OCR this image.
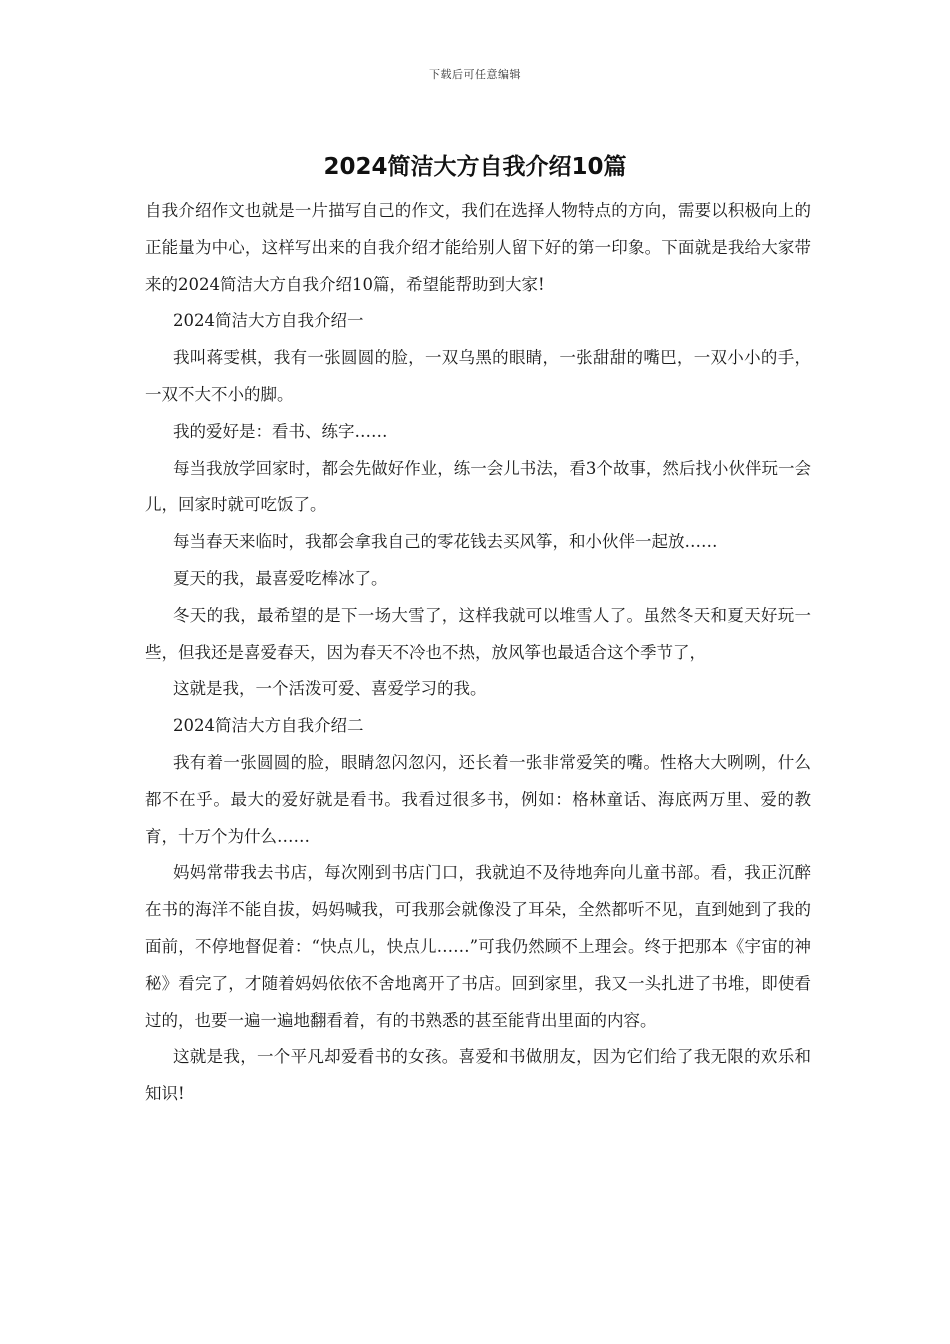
下载后可任意编辑
2024简洁大方自我介绍10篇

自我介绍作文也就是一片描写自己的作文，我们在选择人物特点的方向，需要以积极向上的正能量为中心，这样写出来的自我介绍才能给别人留下好的第一印象。下面就是我给大家带来的2024简洁大方自我介绍10篇，希望能帮助到大家!

2024简洁大方自我介绍一

我叫蒋雯棋，我有一张圆圆的脸，一双乌黑的眼睛，一张甜甜的嘴巴，一双小小的手，一双不大不小的脚。

我的爱好是：看书、练字……

每当我放学回家时，都会先做好作业，练一会儿书法，看3个故事，然后找小伙伴玩一会儿，回家时就可吃饭了。

每当春天来临时，我都会拿我自己的零花钱去买风筝，和小伙伴一起放……

夏天的我，最喜爱吃棒冰了。

冬天的我，最希望的是下一场大雪了，这样我就可以堆雪人了。虽然冬天和夏天好玩一些，但我还是喜爱春天，因为春天不冷也不热，放风筝也最适合这个季节了，

这就是我，一个活泼可爱、喜爱学习的我。

2024简洁大方自我介绍二

我有着一张圆圆的脸，眼睛忽闪忽闪，还长着一张非常爱笑的嘴。性格大大咧咧，什么都不在乎。最大的爱好就是看书。我看过很多书，例如：格林童话、海底两万里、爱的教育，十万个为什么……

妈妈常带我去书店，每次刚到书店门口，我就迫不及待地奔向儿童书部。看，我正沉醉在书的海洋不能自拔，妈妈喊我，可我那会就像没了耳朵，全然都听不见，直到她到了我的面前，不停地督促着：“快点儿，快点儿……”可我仍然顾不上理会。终于把那本《宇宙的神秘》看完了，才随着妈妈依依不舍地离开了书店。回到家里，我又一头扎进了书堆，即使看过的，也要一遍一遍地翻看着，有的书熟悉的甚至能背出里面的内容。

这就是我，一个平凡却爱看书的女孩。喜爱和书做朋友，因为它们给了我无限的欢乐和知识!
